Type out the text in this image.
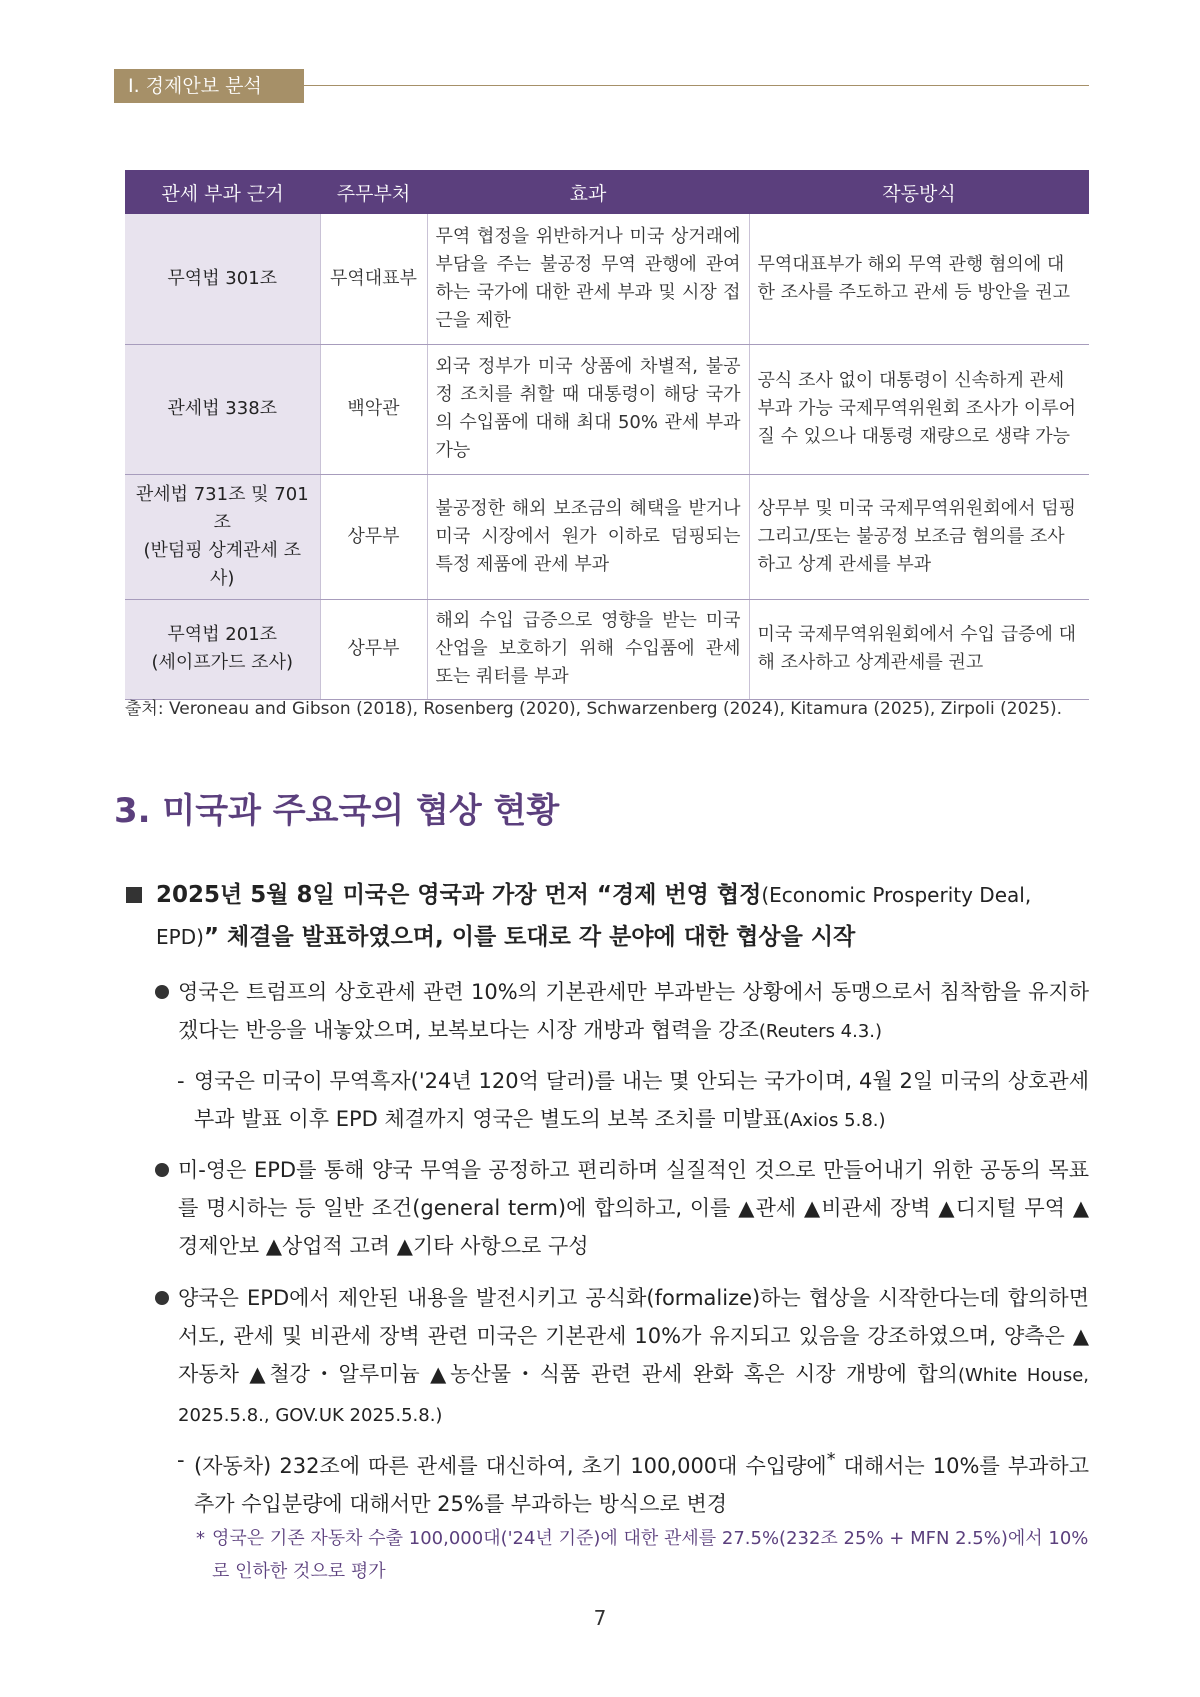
Ⅰ. 경제안보 분석
관세 부과 근거	주무부처	효과	작동방식
무역법 301조	무역대표부	무역 협정을 위반하거나 미국 상거래에 부담을 주는 불공정 무역 관행에 관여하는 국가에 대한 관세 부과 및 시장 접근을 제한	무역대표부가 해외 무역 관행 혐의에 대한 조사를 주도하고 관세 등 방안을 권고
관세법 338조	백악관	외국 정부가 미국 상품에 차별적, 불공정 조치를 취할 때 대통령이 해당 국가의 수입품에 대해 최대 50% 관세 부과 가능	공식 조사 없이 대통령이 신속하게 관세 부과 가능 국제무역위원회 조사가 이루어질 수 있으나 대통령 재량으로 생략 가능

관세법 731조 및 701조
(반덤핑 상계관세 조사)	상무부	불공정한 해외 보조금의 혜택을 받거나 미국 시장에서 원가 이하로 덤핑되는 특정 제품에 관세 부과	상무부 및 미국 국제무역위원회에서 덤핑 그리고/또는 불공정 보조금 혐의를 조사하고 상계 관세를 부과

무역법 201조
(세이프가드 조사)	상무부	해외 수입 급증으로 영향을 받는 미국 산업을 보호하기 위해 수입품에 관세 또는 쿼터를 부과	미국 국제무역위원회에서 수입 급증에 대해 조사하고 상계관세를 권고
출처: Veroneau and Gibson (2018), Rosenberg (2020), Schwarzenberg (2024), Kitamura (2025), Zirpoli (2025).
3. 미국과 주요국의 협상 현황
2025년 5월 8일 미국은 영국과 가장 먼저 “경제 번영 협정(Economic Prosperity Deal, EPD)” 체결을 발표하였으며, 이를 토대로 각 분야에 대한 협상을 시작
영국은 트럼프의 상호관세 관련 10%의 기본관세만 부과받는 상황에서 동맹으로서 침착함을 유지하겠다는 반응을 내놓았으며, 보복보다는 시장 개방과 협력을 강조(Reuters 4.3.)
- 영국은 미국이 무역흑자('24년 120억 달러)를 내는 몇 안되는 국가이며, 4월 2일 미국의 상호관세 부과 발표 이후 EPD 체결까지 영국은 별도의 보복 조치를 미발표(Axios 5.8.)
미-영은 EPD를 통해 양국 무역을 공정하고 편리하며 실질적인 것으로 만들어내기 위한 공동의 목표를 명시하는 등 일반 조건(general term)에 합의하고, 이를 ▲관세 ▲비관세 장벽 ▲디지털 무역 ▲경제안보 ▲상업적 고려 ▲기타 사항으로 구성
양국은 EPD에서 제안된 내용을 발전시키고 공식화(formalize)하는 협상을 시작한다는데 합의하면서도, 관세 및 비관세 장벽 관련 미국은 기본관세 10%가 유지되고 있음을 강조하였으며, 양측은 ▲자동차 ▲철강・알루미늄 ▲농산물・식품 관련 관세 완화 혹은 시장 개방에 합의(White House, 2025.5.8., GOV.UK 2025.5.8.)
- (자동차) 232조에 따른 관세를 대신하여, 초기 100,000대 수입량에* 대해서는 10%를 부과하고 추가 수입분량에 대해서만 25%를 부과하는 방식으로 변경
* 영국은 기존 자동차 수출 100,000대('24년 기준)에 대한 관세를 27.5%(232조 25% + MFN 2.5%)에서 10%로 인하한 것으로 평가
7
